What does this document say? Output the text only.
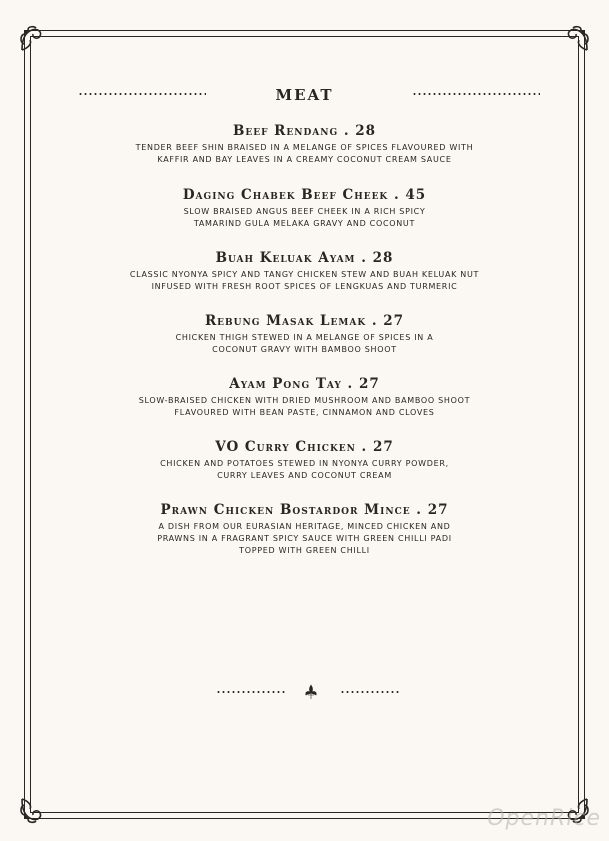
MEAT

Beef Rendang . 28

TENDER BEEF SHIN BRAISED IN A MELANGE OF SPICES FLAVOURED WITH
KAFFIR AND BAY LEAVES IN A CREAMY COCONUT CREAM SAUCE

Daging Chabek Beef Cheek . 45

SLOW BRAISED ANGUS BEEF CHEEK IN A RICH SPICY
TAMARIND GULA MELAKA GRAVY AND COCONUT

Buah Keluak Ayam . 28

CLASSIC NYONYA SPICY AND TANGY CHICKEN STEW AND BUAH KELUAK NUT
INFUSED WITH FRESH ROOT SPICES OF LENGKUAS AND TURMERIC

Rebung Masak Lemak . 27

CHICKEN THIGH STEWED IN A MELANGE OF SPICES IN A
COCONUT GRAVY WITH BAMBOO SHOOT

Ayam Pong Tay . 27

SLOW-BRAISED CHICKEN WITH DRIED MUSHROOM AND BAMBOO SHOOT
FLAVOURED WITH BEAN PASTE, CINNAMON AND CLOVES

VO Curry Chicken . 27

CHICKEN AND POTATOES STEWED IN NYONYA CURRY POWDER,
CURRY LEAVES AND COCONUT CREAM

Prawn Chicken Bostardor Mince . 27

A DISH FROM OUR EURASIAN HERITAGE, MINCED CHICKEN AND
PRAWNS IN A FRAGRANT SPICY SAUCE WITH GREEN CHILLI PADI
TOPPED WITH GREEN CHILLI

OpenRice
